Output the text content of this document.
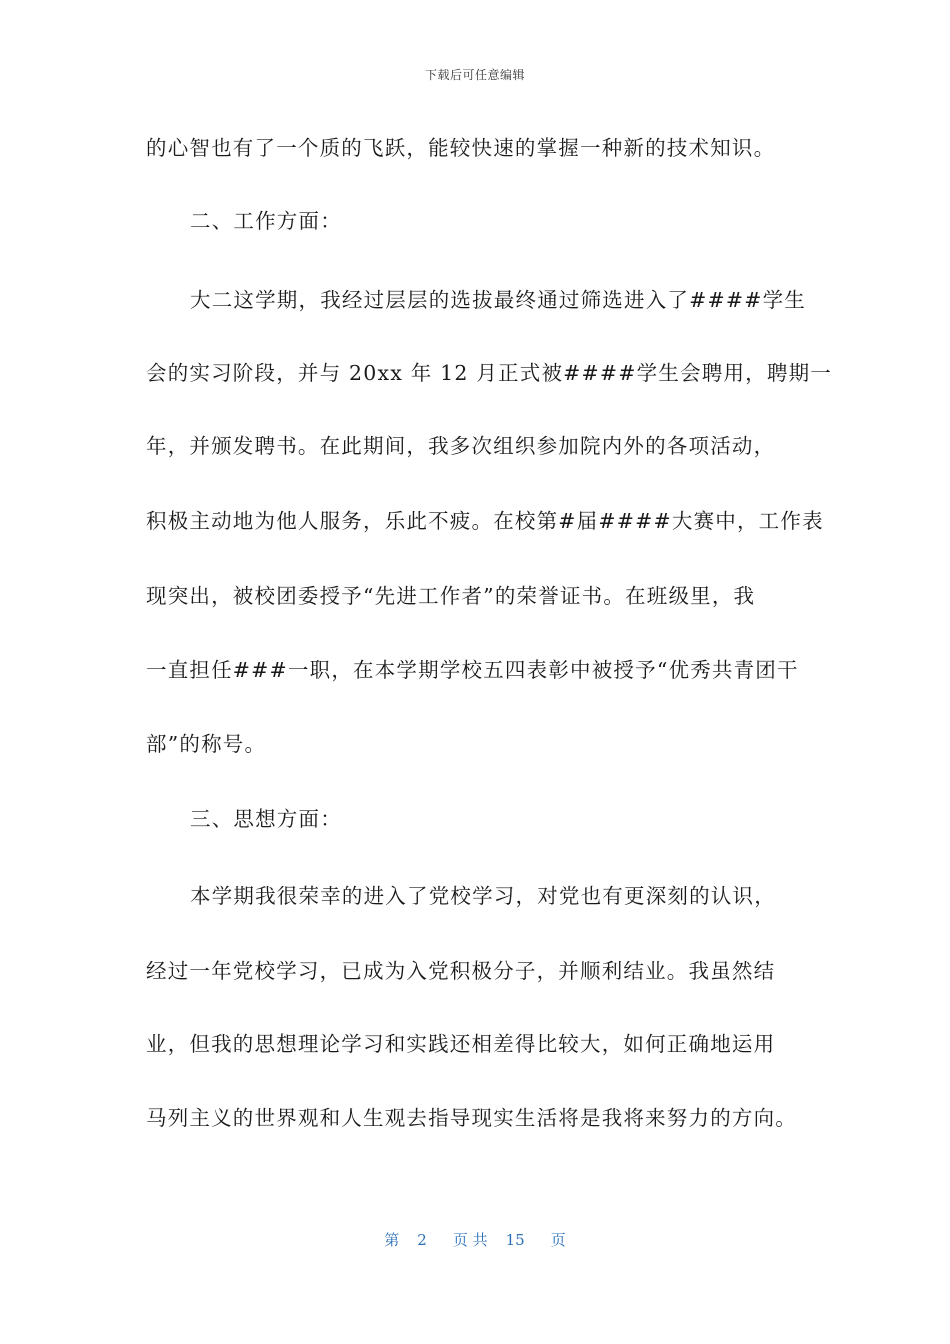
下载后可任意编辑
的心智也有了一个质的飞跃，能较快速的掌握一种新的技术知识。
二、工作方面：
大二这学期，我经过层层的选拔最终通过筛选进入了####学生
会的实习阶段，并与 20xx 年 12 月正式被####学生会聘用，聘期一
年，并颁发聘书。在此期间，我多次组织参加院内外的各项活动，
积极主动地为他人服务，乐此不疲。在校第#届####大赛中，工作表
现突出，被校团委授予“先进工作者”的荣誉证书。在班级里，我
一直担任###一职，在本学期学校五四表彰中被授予“优秀共青团干
部”的称号。
三、思想方面：
本学期我很荣幸的进入了党校学习，对党也有更深刻的认识，
经过一年党校学习，已成为入党积极分子，并顺利结业。我虽然结
业，但我的思想理论学习和实践还相差得比较大，如何正确地运用
马列主义的世界观和人生观去指导现实生活将是我将来努力的方向。
第 2 页 共 15 页
